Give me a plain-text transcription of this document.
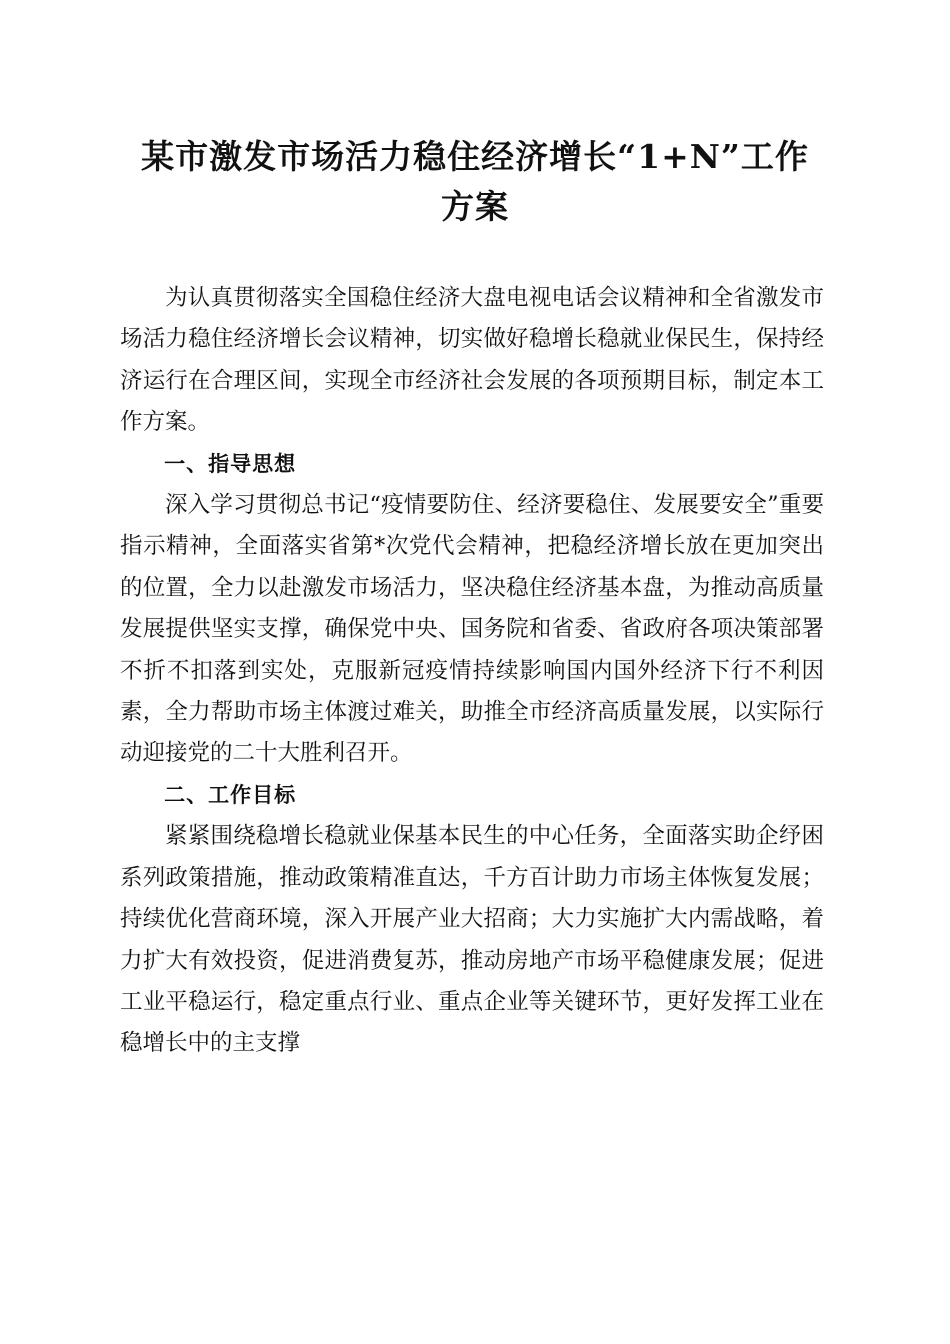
某市激发市场活力稳住经济增长“1+N”工作
方案

为认真贯彻落实全国稳住经济大盘电视电话会议精神和全省激发市场活力稳住经济增长会议精神，切实做好稳增长稳就业保民生，保持经济运行在合理区间，实现全市经济社会发展的各项预期目标，制定本工作方案。

一、指导思想

深入学习贯彻总书记“疫情要防住、经济要稳住、发展要安全”重要指示精神，全面落实省第*次党代会精神，把稳经济增长放在更加突出的位置，全力以赴激发市场活力，坚决稳住经济基本盘，为推动高质量发展提供坚实支撑，确保党中央、国务院和省委、省政府各项决策部署不折不扣落到实处，克服新冠疫情持续影响国内国外经济下行不利因素，全力帮助市场主体渡过难关，助推全市经济高质量发展，以实际行动迎接党的二十大胜利召开。

二、工作目标

紧紧围绕稳增长稳就业保基本民生的中心任务，全面落实助企纾困系列政策措施，推动政策精准直达，千方百计助力市场主体恢复发展；持续优化营商环境，深入开展产业大招商；大力实施扩大内需战略，着力扩大有效投资，促进消费复苏，推动房地产市场平稳健康发展；促进工业平稳运行，稳定重点行业、重点企业等关键环节，更好发挥工业在稳增长中的主支撑
